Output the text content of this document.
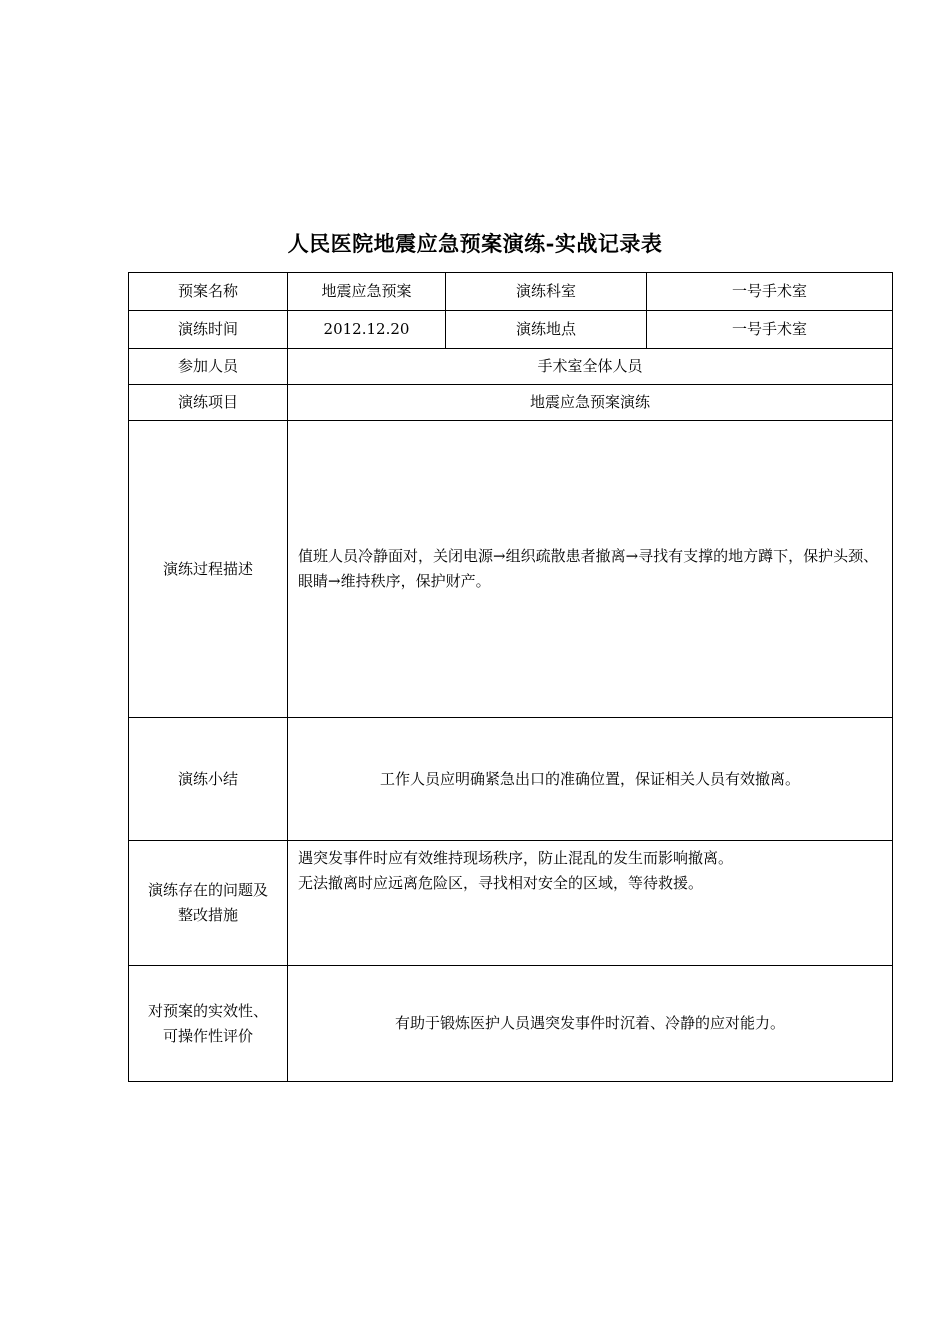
人民医院地震应急预案演练-实战记录表
预案名称	地震应急预案	演练科室	一号手术室
演练时间	2012.12.20	演练地点	一号手术室
参加人员	手术室全体人员		
演练项目	地震应急预案演练		
演练过程描述	值班人员冷静面对，关闭电源→组织疏散患者撤离→寻找有支撑的地方蹲下，保护头颈、眼睛→维持秩序，保护财产。		
演练小结	工作人员应明确紧急出口的准确位置，保证相关人员有效撤离。		

演练存在的问题及
整改措施	遇突发事件时应有效维持现场秩序，防止混乱的发生而影响撤离。
无法撤离时应远离危险区，寻找相对安全的区域，等待救援。		

对预案的实效性、
可操作性评价	有助于锻炼医护人员遇突发事件时沉着、冷静的应对能力。		
